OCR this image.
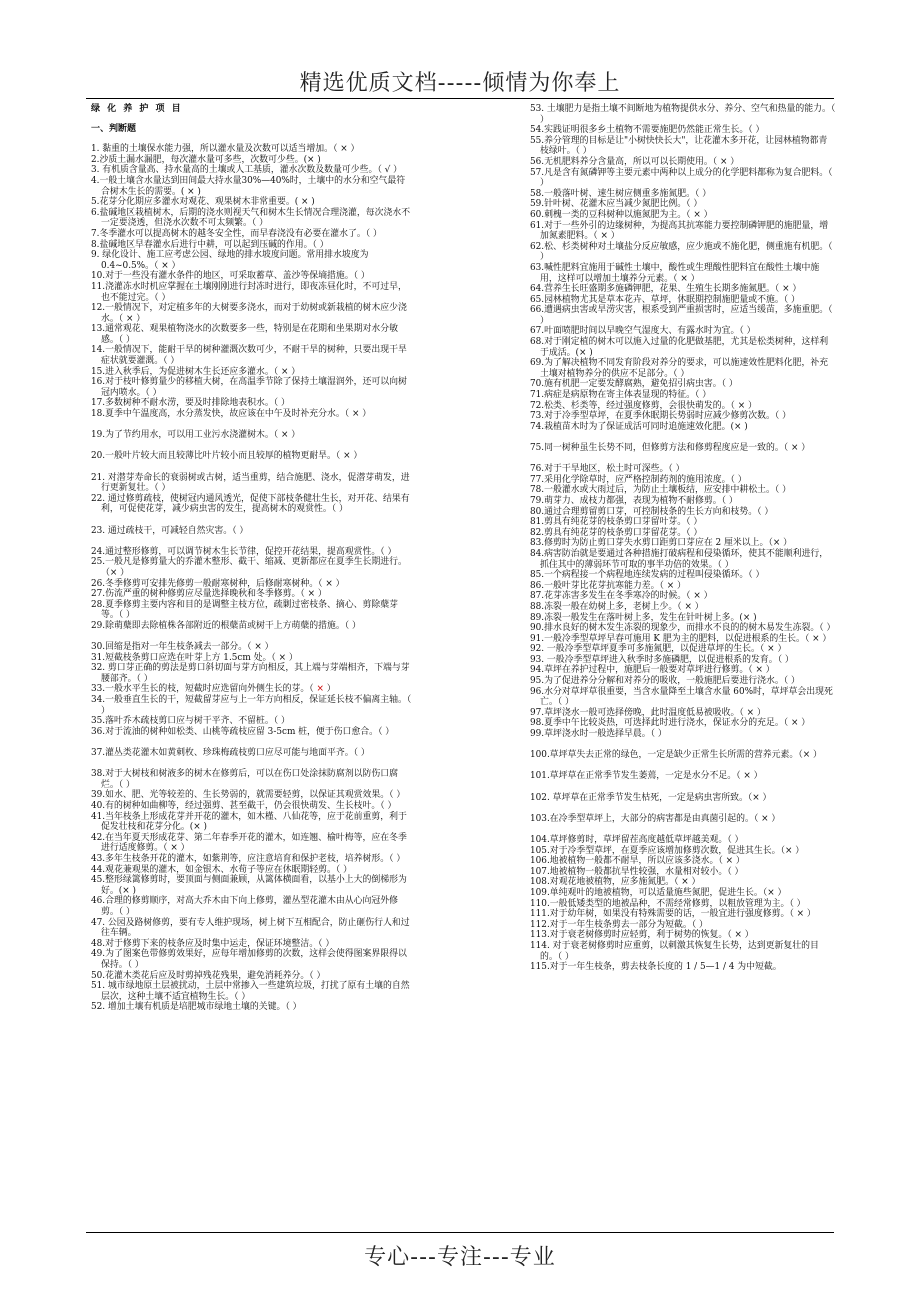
精选优质文档-----倾情为你奉上
绿 化 养 护 项 目
一、判断题

1. 黏重的土壤保水能力强，所以灌水量及次数可以适当增加。（ × ）

2.沙质土漏水漏肥，每次灌水量可多些，次数可少些。(× )

3. 有机质含量高、持水量高的土壤或人工基质，灌水次数及数量可少些。（ √ ）

4.一般土壤含水量达到田间最大持水量30%—40%时，土壤中的水分和空气最符合树木生长的需要。( × )

5.花芽分化期应多灌水对观花、观果树木非常重要。( × )

6.盐碱地区栽植树木，后期的浇水则视天气和树木生长情况合理浇灌，每次浇水不一定要浇透，但浇水次数不可太频繁。（ ）

7.冬季灌水可以提高树木的越冬安全性，而早春浇没有必要在灌水了。（ ）

8.盐碱地区早春灌水后进行中耕，可以起到压碱的作用。（ ）

9. 绿化设计、施工应考虑公园、绿地的排水坡度问题。常用排水坡度为 0.4~0.5%。（ × ）

10.对于一些没有灌水条件的地区，可采取蓄草、盖沙等保墒措施。（ ）

11.浇灌冻水时机应掌握在土壤刚刚进行封冻时进行，即夜冻昼化时，不可过早，也不能过完。（ ）

12.一般情况下，对定植多年的大树要多浇水，而对于幼树或新栽植的树木应少浇水。（ × ）

13.通常观花、观果植物浇水的次数要多一些，特别是在花期和坐果期对水分敏感。（ ）

14.一般情况下，能耐干旱的树种灌溉次数可少，不耐干旱的树种，只要出现干旱症状就要灌溉。（ ）

15.进入秋季后，为促进树木生长还应多灌水。（ × ）

16.对于枝叶修剪量少的移植大树，在高温季节除了保持土壤湿润外，还可以向树冠内喷水。（ ）

17.多数树种不耐水涝，要及时排除地表积水。（ ）

18.夏季中午温度高，水分蒸发快，故应该在中午及时补充分水。（ × ）

19.为了节约用水，可以用工业污水浇灌树木。（ × ）

20.一般叶片较大而且较薄比叶片较小而且较厚的植物更耐旱。（ × ）

21. 对潜芽寿命长的衰弱树或古树，适当重剪，结合施肥、浇水，促潜芽萌发，进行更新复壮。（ ）

22. 通过修剪疏枝，使树冠内通风透光，促使下部枝条健壮生长，对开花、结果有利，可促使花芽，减少病虫害的发生，提高树木的观赏性。（ ）

23. 通过疏枝干，可减轻自然灾害。（ ）

24.通过整形修剪，可以调节树木生长节律，促控开花结果，提高观赏性。（ ）

25.一般凡是修剪量大的乔灌木整形、截干、缩减、更新都应在夏季生长期进行。（× ）

26.冬季修剪可安排先修剪一般耐寒树种，后修耐寒树种。（ × ）

27.伤流严重的树种修剪应尽量选择晚秋和冬季修剪。（ × ）

28.夏季修剪主要内容和目的是调整主枝方位，疏剿过密枝条、摘心、剪除蘖芽等。（ ）

29.除萌蘖即去除植株各部附近的根蘖苗或树干上方萌蘖的措施。（ ）

30.回缩是指对一年生枝条减去一部分。（ × ）

31.短截枝条剪口应选在叶芽上方 1.5cm 处。（ × ）

32. 剪口芽正确的剪法是剪口斜切面与芽方向相反，其上端与芽端相齐，下端与芽腰部齐。（ ）

33.一般水平生长的枝，短截时应选留向外侧生长的芽。（ × ）

34.一般垂直生长的干，短截留芽应与上一年方向相反，保证延长枝不偏离主轴。（ ）

35.落叶乔木疏枝剪口应与树干平齐、不留桩。（ ）

36.对于流油的树种如松类、山桃等疏枝应留 3-5cm 桩，便于伤口愈合。（ ）

37.灌丛类花灌木如黄刺枚、珍珠梅疏枝剪口应尽可能与地面平齐。（ ）

38.对于大树枝和树液多的树木在修剪后，可以在伤口处涂抹防腐剂以防伤口腐烂。（ ）

39.如水、肥、光等较差的、生长势弱的，就需要轻剪，以保证其观赏效果。（ ）

40.有的树种如曲柳等，经过强剪、甚至截干，仍会很快萌发、生长枝叶。（ ）

41.当年枝条上形成花芽并开花的灌木，如木槿、八仙花等，应于花前重剪，利于促发壮枝和花芽分化。(× )

42.在当年夏天形成花芽、第二年春季开花的灌木，如连翘、榆叶梅等，应在冬季进行适度修剪。（ × ）

43.多年生枝条开花的灌木，如紫荆等，应注意培育和保护老枝，培养树形。（ ）

44.观花兼观果的灌木，如金银木、水荀子等应在休眠期轻剪。（ ）

45.整形绿篱修剪时，要顶面与侧面兼顾，从篱体横面看，以基小上大的倒梯形为好。(× )

46.合理的修剪顺序，对高大乔木由下向上修剪，灌丛型花灌木由从心向冠外修剪。（ ）

47. 公园及路树修剪，要有专人维护现场，树上树下互相配合，防止砸伤行人和过往车辆。

48.对于修剪下来的枝条应及时集中运走，保证环境整洁。（ ）

49.为了图案色带修剪效果好，应每年增加修剪的次数，这样会使得图案界限得以保持。（ ）

50.花灌木类花后应及时剪掉残花残果，避免消耗养分。（ ）

51. 城市绿地原土层被扰动，土层中常掺入一些建筑垃圾，打扰了原有土壤的自然层次，这种土壤不适宜植物生长。（ ）

52. 增加土壤有机质是培肥城市绿地土壤的关键。（ ）

53. 土壤肥力是指土壤不间断地为植物提供水分、养分、空气和热量的能力。（ ）

54.实践证明很多乡土植物不需要施肥仍然能正常生长。（ ）

55.养分管理的目标是让"小树快快长大"，让花灌木多开花，让园林植物都青枝绿叶。（ ）

56.无机肥料养分含量高，所以可以长期使用。（ × ）

57.凡是含有氮磷钾等主要元素中两种以上成分的化学肥料都称为复合肥料。（ ）

58.一般落叶树、速生树应侧重多施氮肥。（ ）

59.针叶树、花灌木应当减少氮肥比例。（ ）

60.刺槐一类的豆科树种以施氮肥为主。（ × ）

61.对于一些外引的边缘树种，为提高其抗寒能力要控制磷钾肥的施肥量，增加氮素肥料。（ × ）

62.松、杉类树种对土壤盐分反应敏感，应少施或不施化肥，侧重施有机肥。（ ）

63.喊性肥料宜施用于碱性土壤中，酸性或生理酸性肥料宜在酸性土壤中施用，这样可以增加土壤养分元素。（ × ）

64.营养生长旺盛期多施磷钾肥，花果、生殖生长期多施氮肥。（ × ）

65.园林植物尤其是草本花卉、草坪，休眠期控制施肥量或不施。（ ）

66.遭遇病虫害或旱涝灾害，根系受到严重损害时，应适当缓苗，多施重肥。（ ）

67.叶面喷肥时间以早晚空气湿度大、有露水时为宜。（ ）

68.对于刚定植的树木可以施入过量的化肥做基肥，尤其是松类树种，这样利于成活。(× )

69.为了解决植物不同发育阶段对养分的要求，可以施速效性肥料化肥，补充土壤对植物养分的供应不足部分。（ ）

70.施有机肥一定要发酵腐熟，避免招引病虫害。（ ）

71.病症是病原物在寄主体表显现的特征。（ ）

72.松类、杉类等，经过强度修剪，会很快萌发的。（ × ）

73.对于冷季型草坪，在夏季休眠期长势弱时应减少修剪次数。（ ）

74.栽植苗木时为了保证成活可同时追施速效化肥。(× )

75.同一树种虽生长势不同，但修剪方法和修剪程度应是一致的。（ × ）

76.对于干旱地区，松土时可深些。（ ）

77.采用化学除草时，应严格控制药剂的施用浓度。（ ）

78.一般灌水或大雨过后，为防止土壤板结，应安排中耕松土。（ ）

79.萌芽力、成枝力都强，表现为植物不耐修剪。（ ）

80.通过合理剪留剪口芽，可控制枝条的生长方向和枝势。（ ）

81.剪具有纯花芽的枝条剪口芽留叶芽。（ ）

82.剪具有纯花芽的枝条剪口芽留花芽。（ ）

83.修剪时为防止剪口芽失水剪口距剪口芽应在 2 厘米以上。（× ）

84.病害防治就是要通过各种措施打破病程和侵染循环，使其不能顺利进行，抓住其中的薄弱环节可取的事半功倍的效果。（ ）

85.一个病程接一个病程地连续发病的过程叫侵染循环。（ ）

86.一般叶芽比花芽抗寒能力差。（ × ）

87.花芽冻害多发生在冬季寒冷的时候。（ × ）

88.冻裂一般在幼树上多，老树上少。（ × ）

89.冻裂一般发生在落叶树上多，发生在针叶树上多。(× )

90.排水良好的树木发生冻裂的现象少，而排水不良的的树木易发生冻裂。（ ）

91.一般冷季型草坪早春可施用 K 肥为主的肥料，以促进根系的生长。（ × ）

92. 一般冷季型草坪夏季可多施氮肥，以促进草坪的生长。（ × ）

93. 一般冷季型草坪进入秋季时多施磷肥，以促进根系的发育。（ ）

94.草坪在养护过程中，施肥后一般要对草坪进行修剪。（ × ）

95.为了促进养分分解和对养分的吸收，一般施肥后要进行浇水。（ ）

96.水分对草坪草很重要，当含水量降至土壤含水量 60%时，草坪草会出现死亡。（ ）

97.草坪浇水一般可选择傍晚，此时温度低易被吸收。（ × ）

98.夏季中午比较炎热，可选择此时进行浇水，保证水分的充足。（ × ）

99.草坪浇水时一般选择早晨。（ ）

100.草坪草失去正常的绿色，一定是缺少正常生长所需的营养元素。（× ）

101.草坪草在正常季节发生萎蔫，一定是水分不足。（ × ）

102. 草坪草在正常季节发生枯死，一定是病虫害所致。（× ）

103.在冷季型草坪上，大部分的病害都是由真菌引起的。（ × ）

104.草坪修剪时，草坪留茬高度越低草坪越美观。（ ）

105.对于冷季型草坪，在夏季应该增加修剪次数，促进其生长。（× ）

106.地被植物一般都不耐旱，所以应该多浇水。（ × ）

107.地被植物一般都抗旱性较强，水量相对较小。（ ）

108.对观花地被植物，应多施氮肥。（ × ）

109.单纯观叶的地被植物，可以适量施些氮肥，促进生长。（× ）

110.一般低矮类型的地被品种，不需经常修剪，以粗放管理为主。（ ）

111.对于幼年树，如果没有特殊需要的话，一般宜进行强度修剪。（ × ）

112.对于一年生枝条剪去一部分为短截。（ ）

113.对于衰老树修剪时应轻剪，利于树势的恢复。（ × ）

114. 对于衰老树修剪时应重剪，以刺激其恢复生长势，达到更新复壮的目的。（ ）

115.对于一年生枝条，剪去枝条长度的 1 / 5—1 / 4 为中短截。

专心---专注---专业
